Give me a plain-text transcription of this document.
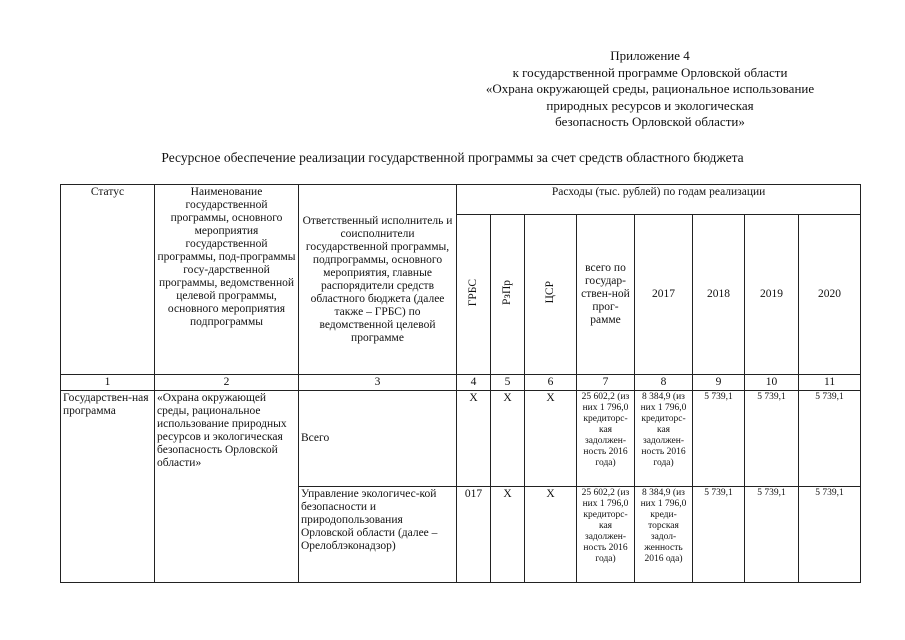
Приложение 4
к государственной программе Орловской области
«Охрана окружающей среды, рациональное использование
природных ресурсов и экологическая
безопасность Орловской области»
Ресурсное обеспечение реализации государственной программы за счет средств областного бюджета
Статус	Наименование государственной программы, основного мероприятия государственной программы, под-программы госу-дарственной программы, ведомственной целевой программы, основного мероприятия подпрограммы	Ответственный исполнитель и соисполнители государственной программы, подпрограммы, основного мероприятия, главные распорядители средств областного бюджета (далее также – ГРБС) по ведомственной целевой программе	Расходы (тыс. рублей) по годам реализации							
			ГРБС	РзПр	ЦСР	всего по государ-ствен-ной прог-рамме	2017	2018	2019	2020
1	2	3	4	5	6	7	8	9	10	11
Государствен-ная программа	«Охрана окружающей среды, рациональное использование природных ресурсов и экологическая безопасность Орловской области»	Всего	Х	Х	Х	25 602,2 (из них 1 796,0 кредиторс-кая задолжен-ность 2016 года)	8 384,9 (из них 1 796,0 кредиторс-кая задолжен-ность 2016 года)	5 739,1	5 739,1	5 739,1
		Управление экологичес-кой безопасности и природопользования Орловской области (далее – Орелоблэконадзор)	017	Х	Х	25 602,2 (из них 1 796,0 кредиторс-кая задолжен-ность 2016 года)	8 384,9 (из них 1 796,0 креди-торская задол-женность 2016 ода)	5 739,1	5 739,1	5 739,1
